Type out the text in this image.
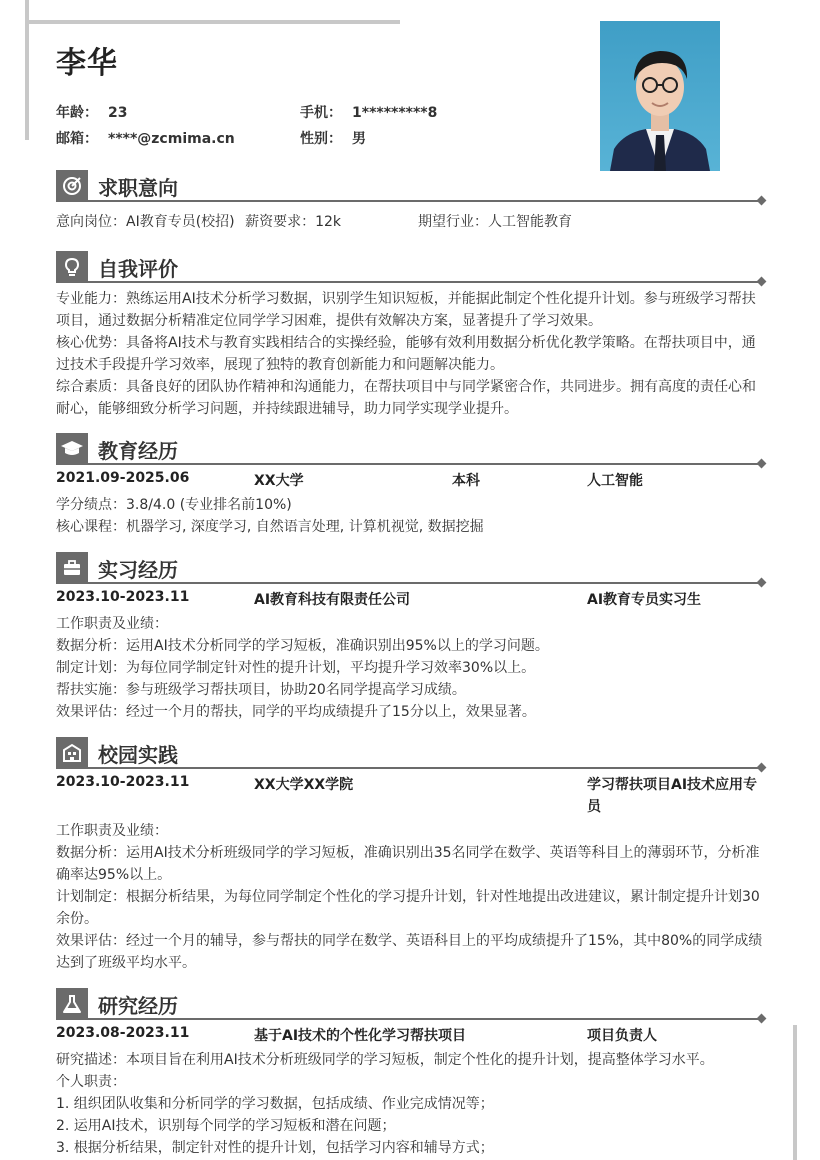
李华
年龄： 23	手机： 1*********8
邮箱： ****@zcmima.cn	性别： 男
求职意向
意向岗位：AI教育专员(校招) 薪资要求：12k	期望行业：人工智能教育
自我评价
专业能力：熟练运用AI技术分析学习数据，识别学生知识短板，并能据此制定个性化提升计划。参与班级学习帮扶项目，通过数据分析精准定位同学学习困难，提供有效解决方案，显著提升了学习效果。
核心优势：具备将AI技术与教育实践相结合的实操经验，能够有效利用数据分析优化教学策略。在帮扶项目中，通过技术手段提升学习效率，展现了独特的教育创新能力和问题解决能力。
综合素质：具备良好的团队协作精神和沟通能力，在帮扶项目中与同学紧密合作，共同进步。拥有高度的责任心和耐心，能够细致分析学习问题，并持续跟进辅导，助力同学实现学业提升。
教育经历
2021.09-2025.06	XX大学	本科	人工智能
学分绩点：3.8/4.0 (专业排名前10%)
核心课程：机器学习, 深度学习, 自然语言处理, 计算机视觉, 数据挖掘
实习经历
2023.10-2023.11	AI教育科技有限责任公司	AI教育专员实习生
工作职责及业绩：
数据分析：运用AI技术分析同学的学习短板，准确识别出95%以上的学习问题。
制定计划：为每位同学制定针对性的提升计划，平均提升学习效率30%以上。
帮扶实施：参与班级学习帮扶项目，协助20名同学提高学习成绩。
效果评估：经过一个月的帮扶，同学的平均成绩提升了15分以上，效果显著。
校园实践
2023.10-2023.11	XX大学XX学院	学习帮扶项目AI技术应用专员
工作职责及业绩：
数据分析：运用AI技术分析班级同学的学习短板，准确识别出35名同学在数学、英语等科目上的薄弱环节，分析准确率达95%以上。
计划制定：根据分析结果，为每位同学制定个性化的学习提升计划，针对性地提出改进建议，累计制定提升计划30余份。
效果评估：经过一个月的辅导，参与帮扶的同学在数学、英语科目上的平均成绩提升了15%，其中80%的同学成绩达到了班级平均水平。
研究经历
2023.08-2023.11	基于AI技术的个性化学习帮扶项目	项目负责人
研究描述：本项目旨在利用AI技术分析班级同学的学习短板，制定个性化的提升计划，提高整体学习水平。
个人职责：
1. 组织团队收集和分析同学的学习数据，包括成绩、作业完成情况等；
2. 运用AI技术，识别每个同学的学习短板和潜在问题；
3. 根据分析结果，制定针对性的提升计划，包括学习内容和辅导方式；
